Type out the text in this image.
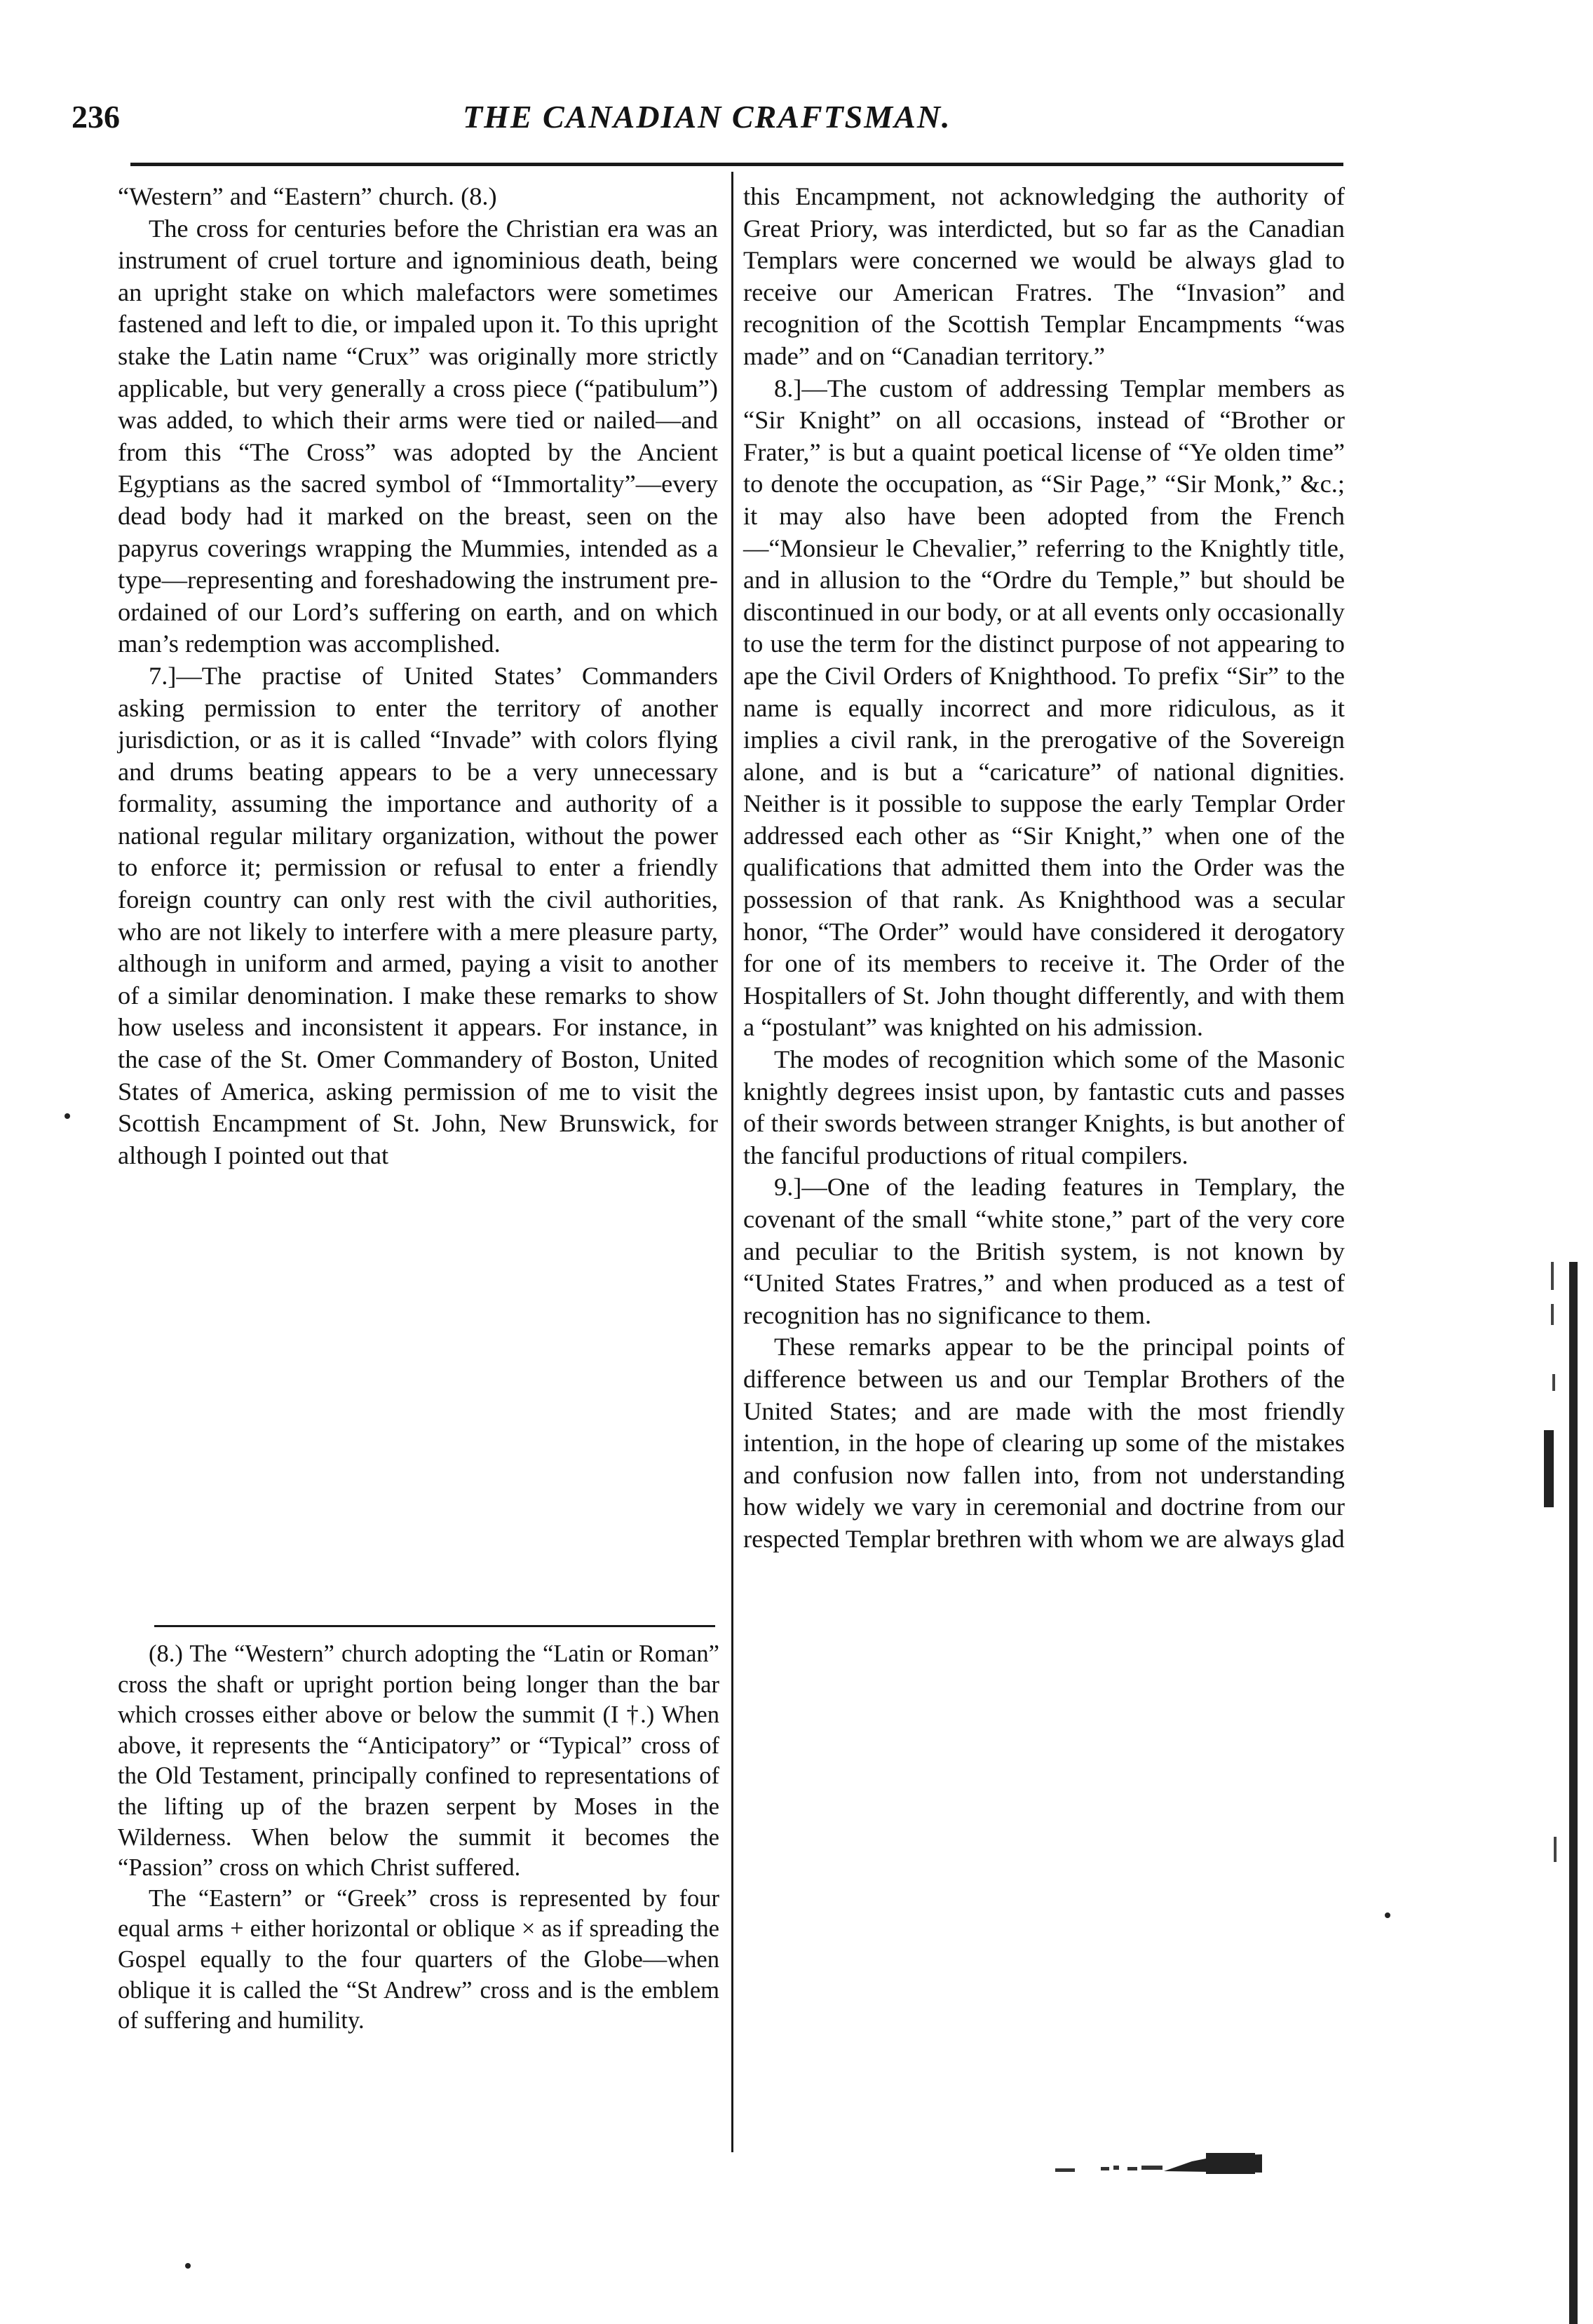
236	THE CANADIAN CRAFTSMAN.

“Western” and “Eastern” church. (8.)

The cross for centuries before the Christian era was an instrument of cruel torture and ignominious death, being an upright stake on which malefactors were sometimes fastened and left to die, or impaled upon it. To this upright stake the Latin name “Crux” was originally more strictly applicable, but very generally a cross piece (“patibulum”) was added, to which their arms were tied or nailed—and from this “The Cross” was adopted by the Ancient Egyptians as the sacred symbol of “Immortality”—every dead body had it marked on the breast, seen on the papyrus coverings wrapping the Mummies, intended as a type—representing and foreshadowing the instrument pre-ordained of our Lord’s suffering on earth, and on which man’s redemption was accomplished.

7.]—The practise of United States’ Commanders asking permission to enter the territory of another jurisdiction, or as it is called “Invade” with colors flying and drums beating appears to be a very unnecessary formality, assuming the importance and authority of a national regular military organization, without the power to enforce it; permission or refusal to enter a friendly foreign country can only rest with the civil authorities, who are not likely to interfere with a mere pleasure party, although in uniform and armed, paying a visit to another of a similar denomination. I make these remarks to show how useless and inconsistent it appears. For instance, in the case of the St. Omer Commandery of Boston, United States of America, asking permission of me to visit the Scottish Encampment of St. John, New Brunswick, for although I pointed out that

(8.) The “Western” church adopting the “Latin or Roman” cross the shaft or upright portion being longer than the bar which crosses either above or below the summit (I †.) When above, it represents the “Anticipatory” or “Typical” cross of the Old Testament, principally confined to representations of the lifting up of the brazen serpent by Moses in the Wilderness. When below the summit it becomes the “Passion” cross on which Christ suffered.

The “Eastern” or “Greek” cross is represented by four equal arms + either horizontal or oblique × as if spreading the Gospel equally to the four quarters of the Globe—when oblique it is called the “St Andrew” cross and is the emblem of suffering and humility.

this Encampment, not acknowledging the authority of Great Priory, was interdicted, but so far as the Canadian Templars were concerned we would be always glad to receive our American Fratres. The “Invasion” and recognition of the Scottish Templar Encampments “was made” and on “Canadian territory.”

8.]—The custom of addressing Templar members as “Sir Knight” on all occasions, instead of “Brother or Frater,” is but a quaint poetical license of “Ye olden time” to denote the occupation, as “Sir Page,” “Sir Monk,” &c.; it may also have been adopted from the French—“Monsieur le Chevalier,” referring to the Knightly title, and in allusion to the “Ordre du Temple,” but should be discontinued in our body, or at all events only occasionally to use the term for the distinct purpose of not appearing to ape the Civil Orders of Knighthood. To prefix “Sir” to the name is equally incorrect and more ridiculous, as it implies a civil rank, in the prerogative of the Sovereign alone, and is but a “caricature” of national dignities. Neither is it possible to suppose the early Templar Order addressed each other as “Sir Knight,” when one of the qualifications that admitted them into the Order was the possession of that rank. As Knighthood was a secular honor, “The Order” would have considered it derogatory for one of its members to receive it. The Order of the Hospitallers of St. John thought differently, and with them a “postulant” was knighted on his admission.

The modes of recognition which some of the Masonic knightly degrees insist upon, by fantastic cuts and passes of their swords between stranger Knights, is but another of the fanciful productions of ritual compilers.

9.]—One of the leading features in Templary, the covenant of the small “white stone,” part of the very core and peculiar to the British system, is not known by “United States Fratres,” and when produced as a test of recognition has no significance to them.

These remarks appear to be the principal points of difference between us and our Templar Brothers of the United States; and are made with the most friendly intention, in the hope of clearing up some of the mistakes and confusion now fallen into, from not understanding how widely we vary in ceremonial and doctrine from our respected Templar brethren with whom we are always glad
